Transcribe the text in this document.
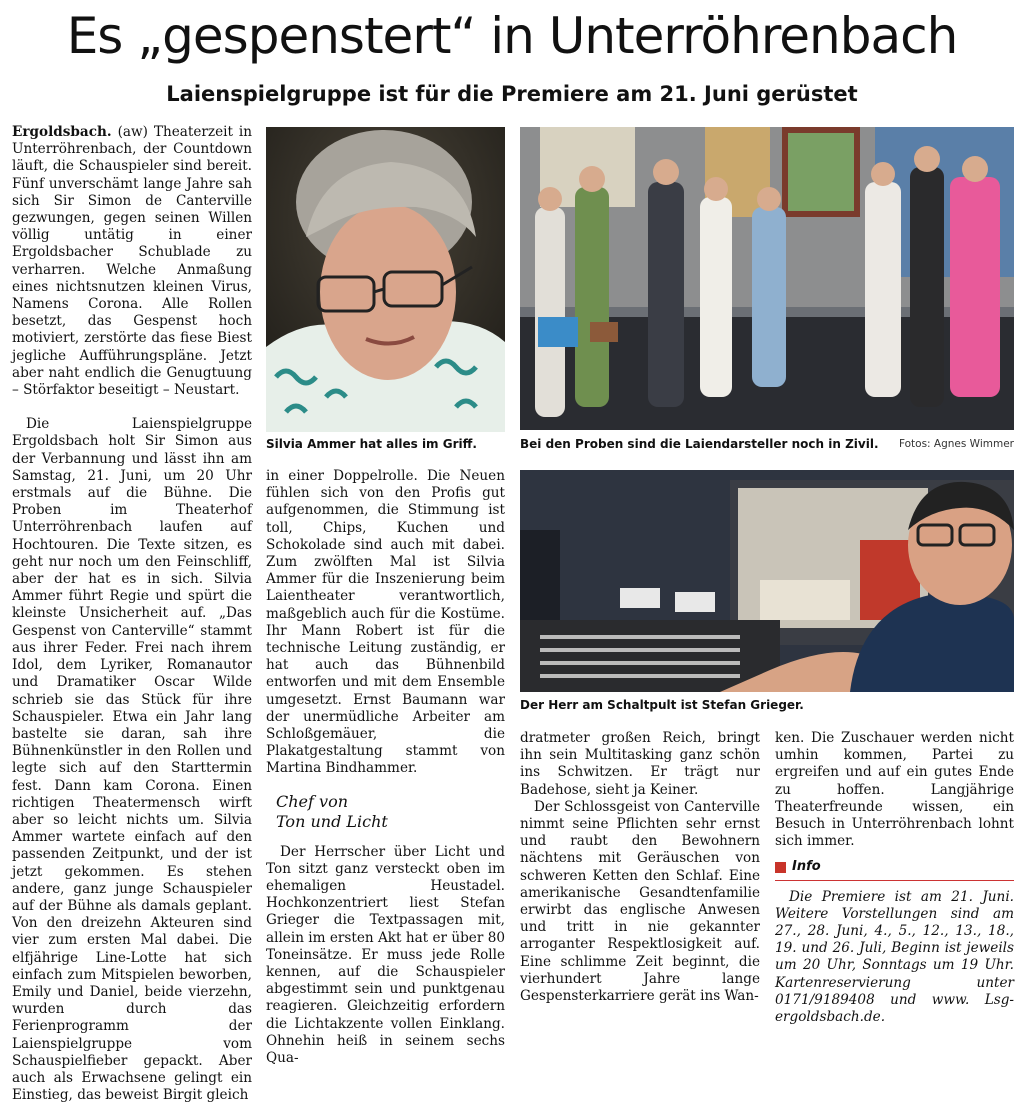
Es „gespenstert“ in Unterröhrenbach
Laienspielgruppe ist für die Premiere am 21. Juni gerüstet

Ergoldsbach. (aw) Theaterzeit in Unterröhrenbach, der Countdown läuft, die Schauspieler sind bereit. Fünf unverschämt lange Jahre sah sich Sir Simon de Canterville gezwungen, gegen seinen Willen völlig untätig in einer Ergoldsbacher Schublade zu verharren. Welche Anmaßung eines nichtsnutzen kleinen Virus, Namens Corona. Alle Rollen besetzt, das Gespenst hoch motiviert, zerstörte das fiese Biest jegliche Aufführungspläne. Jetzt aber naht endlich die Genugtuung – Störfaktor beseitigt – Neustart.

Die Laienspielgruppe Ergoldsbach holt Sir Simon aus der Verbannung und lässt ihn am Samstag, 21. Juni, um 20 Uhr erstmals auf die Bühne. Die Proben im Theaterhof Unterröhrenbach laufen auf Hochtouren. Die Texte sitzen, es geht nur noch um den Feinschliff, aber der hat es in sich. Silvia Ammer führt Regie und spürt die kleinste Unsicherheit auf. „Das Gespenst von Canterville“ stammt aus ihrer Feder. Frei nach ihrem Idol, dem Lyriker, Romanautor und Dramatiker Oscar Wilde schrieb sie das Stück für ihre Schauspieler. Etwa ein Jahr lang bastelte sie daran, sah ihre Bühnenkünstler in den Rollen und legte sich auf den Starttermin fest. Dann kam Corona. Einen richtigen Theatermensch wirft aber so leicht nichts um. Silvia Ammer wartete einfach auf den passenden Zeitpunkt, und der ist jetzt gekommen. Es stehen andere, ganz junge Schauspieler auf der Bühne als damals geplant. Von den dreizehn Akteuren sind vier zum ersten Mal dabei. Die elfjährige Line-Lotte hat sich einfach zum Mitspielen beworben, Emily und Daniel, beide vierzehn, wurden durch das Ferienprogramm der Laienspielgruppe vom Schauspielfieber gepackt. Aber auch als Erwachsene gelingt ein Einstieg, das beweist Birgit gleich

Silvia Ammer hat alles im Griff.	Bei den Proben sind die Laiendarsteller noch in Zivil. Fotos: Agnes Wimmer
Der Herr am Schaltpult ist Stefan Grieger.

in einer Doppelrolle. Die Neuen fühlen sich von den Profis gut aufgenommen, die Stimmung ist toll, Chips, Kuchen und Schokolade sind auch mit dabei. Zum zwölften Mal ist Silvia Ammer für die Inszenierung beim Laientheater verantwortlich, maßgeblich auch für die Kostüme. Ihr Mann Robert ist für die technische Leitung zuständig, er hat auch das Bühnenbild entworfen und mit dem Ensemble umgesetzt. Ernst Baumann war der unermüdliche Arbeiter am Schloßgemäuer, die Plakatgestaltung stammt von Martina Bindhammer.

Chef von
Ton und Licht

Der Herrscher über Licht und Ton sitzt ganz versteckt oben im ehemaligen Heustadel. Hochkonzentriert liest Stefan Grieger die Textpassagen mit, allein im ersten Akt hat er über 80 Toneinsätze. Er muss jede Rolle kennen, auf die Schauspieler abgestimmt sein und punktgenau reagieren. Gleichzeitig erfordern die Lichtakzente vollen Einklang. Ohnehin heiß in seinem sechs Qua-

dratmeter großen Reich, bringt ihn sein Multitasking ganz schön ins Schwitzen. Er trägt nur Badehose, sieht ja Keiner.

Der Schlossgeist von Canterville nimmt seine Pflichten sehr ernst und raubt den Bewohnern nächtens mit Geräuschen von schweren Ketten den Schlaf. Eine amerikanische Gesandtenfamilie erwirbt das englische Anwesen und tritt in nie gekannter arroganter Respektlosigkeit auf. Eine schlimme Zeit beginnt, die vierhundert Jahre lange Gespensterkarriere gerät ins Wan-

ken. Die Zuschauer werden nicht umhin kommen, Partei zu ergreifen und auf ein gutes Ende zu hoffen. Langjährige Theaterfreunde wissen, ein Besuch in Unterröhrenbach lohnt sich immer.

Info

Die Premiere ist am 21. Juni. Weitere Vorstellungen sind am 27., 28. Juni, 4., 5., 12., 13., 18., 19. und 26. Juli, Beginn ist jeweils um 20 Uhr, Sonntags um 19 Uhr. Kartenreservierung unter 0171/9189408 und www. Lsg-ergoldsbach.de.
